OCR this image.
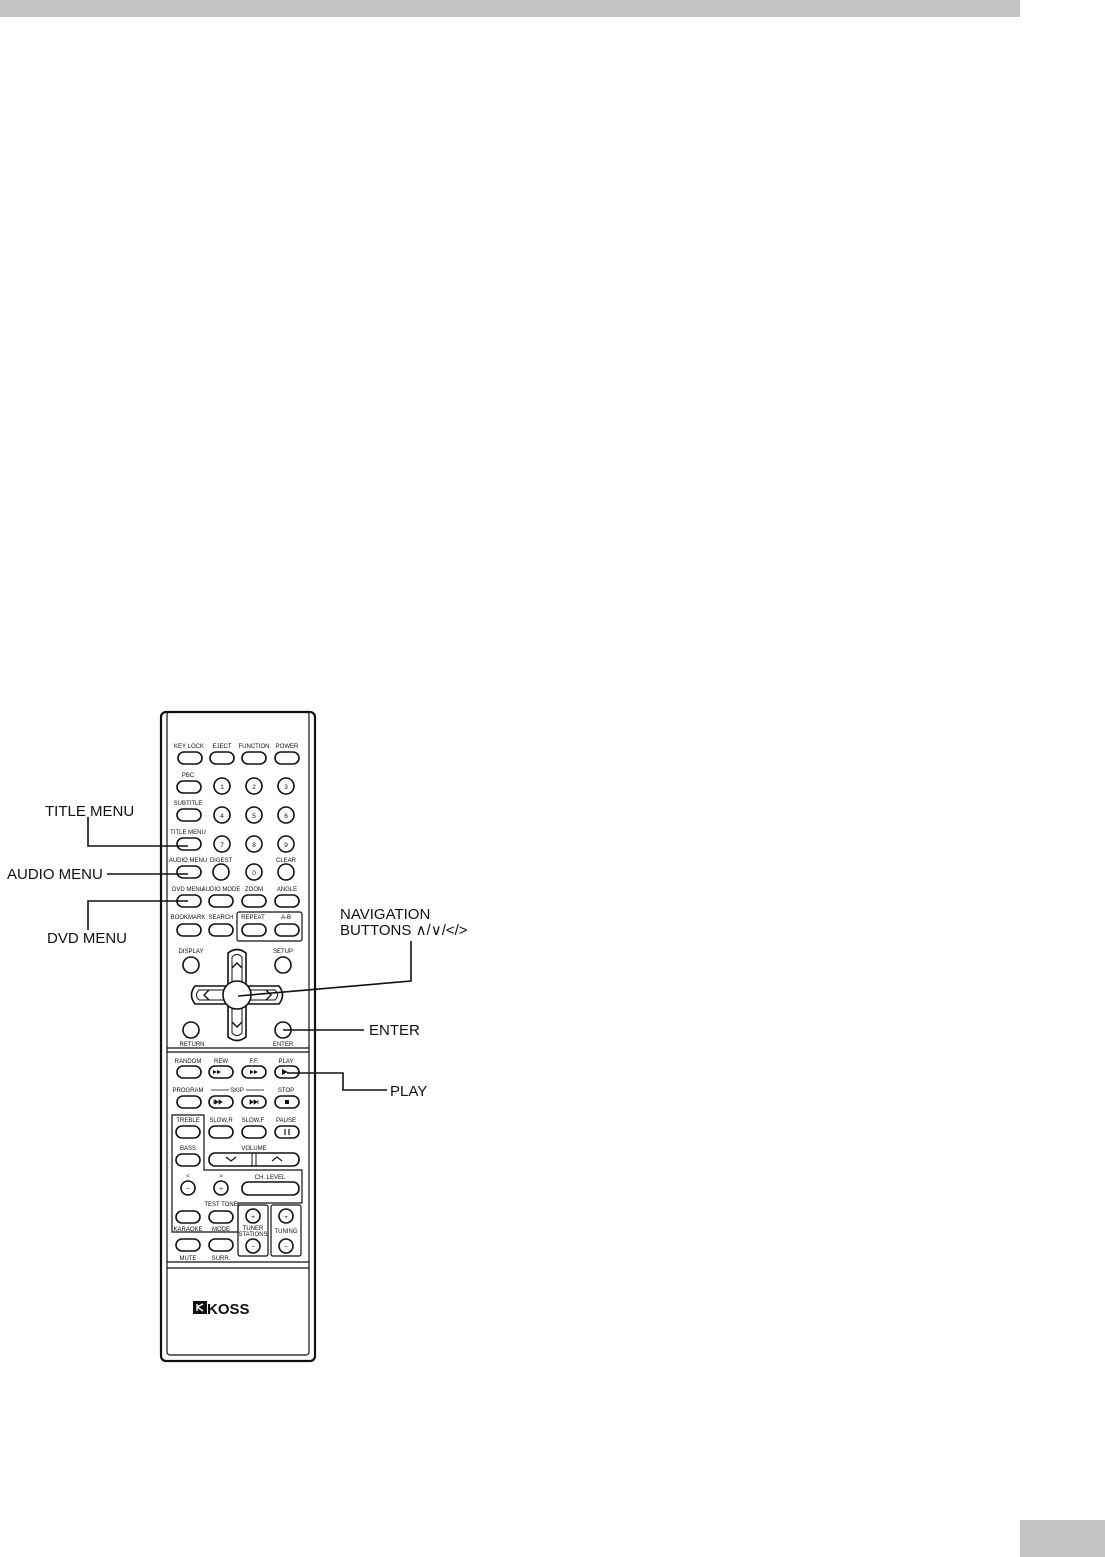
KEY LOCK EJECT FUNCTION POWER
PBC
1	2	3
SUBTITLE
4	5	6
TITLE MENU
7	8	9
AUDIO MENU DIGEST	CLEAR
0
DVD MENU
AUDIO MODE ZOOM ANGLE
BOOKMARK SEARCH REPEAT	A-B
DISPLAY	SETUP
RETURN	ENTER
RANDOM REW	F.F.	PLAY
PROGRAM	SKIP	STOP
TREBLE SLOW,R SLOW,F PAUSE
BASS	VOLUME
<	>	CH. LEVEL
−	+
TEST TONE
KARAOKE MODE
+	+
TUNER
STATIONS TUNING
−	−
MUTE	SURR.
KOSS
TITLE MENU
AUDIO MENU
DVD MENU
NAVIGATION
BUTTONS ∧/∨/</>
ENTER
PLAY
